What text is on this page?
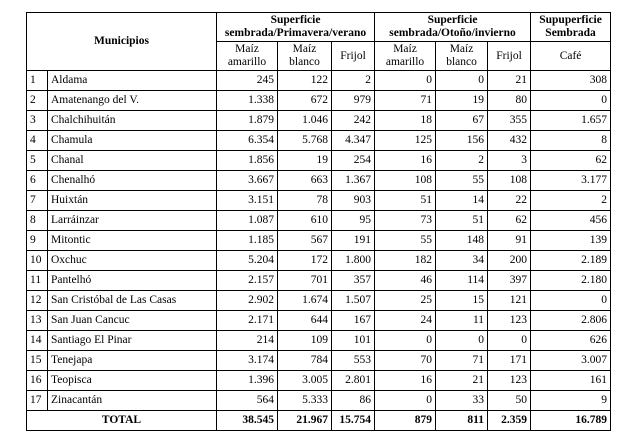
Municipios		Superficie sembrada/Primavera/verano			Superficie sembrada/Otoño/invierno			Supuperficie Sembrada
		Maíz amarillo	Maíz blanco	Frijol	Maíz amarillo	Maíz blanco	Frijol	Café
1	Aldama	245	122	2	0	0	21	308
2	Amatenango del V.	1.338	672	979	71	19	80	0
3	Chalchihuitán	1.879	1.046	242	18	67	355	1.657
4	Chamula	6.354	5.768	4.347	125	156	432	8
5	Chanal	1.856	19	254	16	2	3	62
6	Chenalhó	3.667	663	1.367	108	55	108	3.177
7	Huixtán	3.151	78	903	51	14	22	2
8	Larráinzar	1.087	610	95	73	51	62	456
9	Mitontic	1.185	567	191	55	148	91	139
10	Oxchuc	5.204	172	1.800	182	34	200	2.189
11	Pantelhó	2.157	701	357	46	114	397	2.180
12	San Cristóbal de Las Casas	2.902	1.674	1.507	25	15	121	0
13	San Juan Cancuc	2.171	644	167	24	11	123	2.806
14	Santiago El Pinar	214	109	101	0	0	0	626
15	Tenejapa	3.174	784	553	70	71	171	3.007
16	Teopisca	1.396	3.005	2.801	16	21	123	161
17	Zinacantán	564	5.333	86	0	33	50	9
TOTAL		38.545	21.967	15.754	879	811	2.359	16.789
